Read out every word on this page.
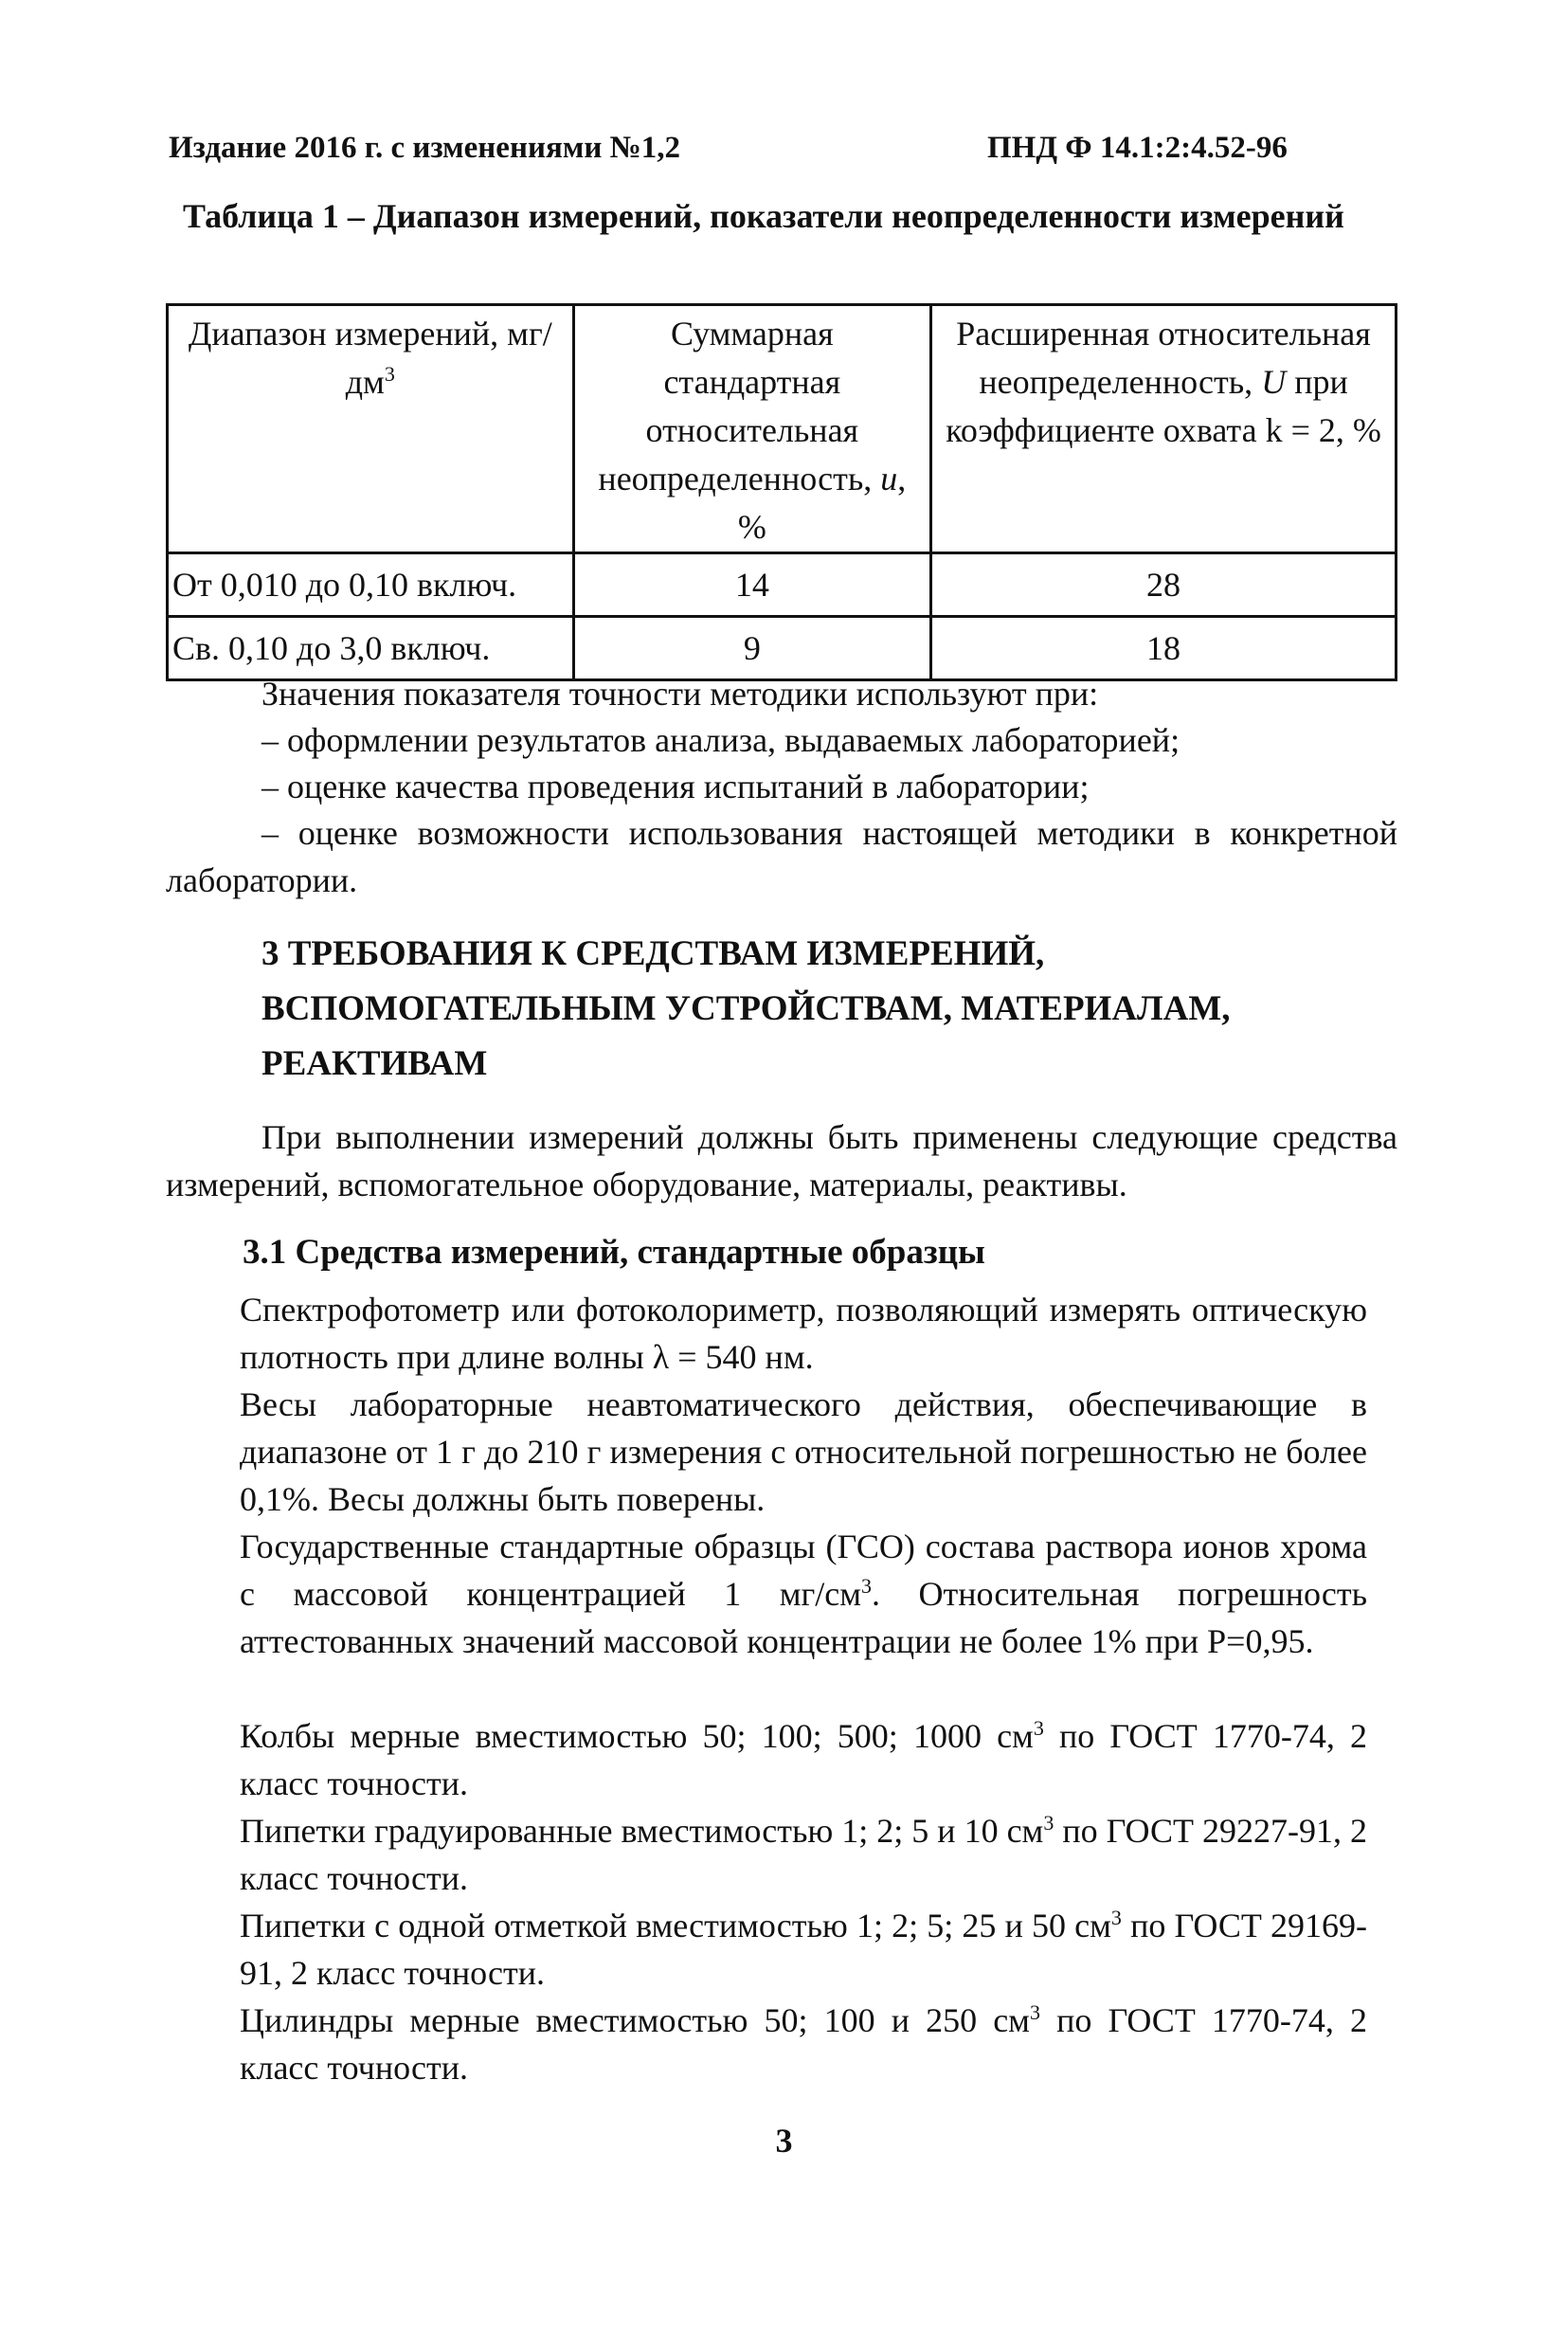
Издание 2016 г. с изменениями №1,2	ПНД Ф 14.1:2:4.52-96

Таблица 1 – Диапазон измерений, показатели неопределенности измерений

Диапазон измерений, $мг/дм^3$	Суммарная стандартная относительная неопределенность, u, %	Расширенная относительная неопределенность, U при коэффициенте охвата k = 2, %
От 0,010 до 0,10 включ.	14	28
Св. 0,10 до 3,0 включ.	9	18

Значения показателя точности методики используют при:

– оформлении результатов анализа, выдаваемых лабораторией;

– оценке качества проведения испытаний в лаборатории;

– оценке возможности использования настоящей методики в конкретной лаборатории.

3 ТРЕБОВАНИЯ К СРЕДСТВАМ ИЗМЕРЕНИЙ, ВСПОМОГАТЕЛЬНЫМ УСТРОЙСТВАМ, МАТЕРИАЛАМ, РЕАКТИВАМ

При выполнении измерений должны быть применены следующие средства измерений, вспомогательное оборудование, материалы, реактивы.

3.1 Средства измерений, стандартные образцы

Спектрофотометр или фотоколориметр, позволяющий измерять оптическую плотность при длине волны λ = 540 нм.

Весы лабораторные неавтоматического действия, обеспечивающие в диапазоне от 1 г до 210 г измерения с относительной погрешностью не более 0,1%. Весы должны быть поверены.

Государственные стандартные образцы (ГСО) состава раствора ионов хрома с массовой концентрацией 1 $мг/см^3$. Относительная погрешность аттестованных значений массовой концентрации не более 1% при Р=0,95.

Колбы мерные вместимостью 50; 100; 500; 1000 $см^3$ по ГОСТ 1770-74, 2 класс точности.

Пипетки градуированные вместимостью 1; 2; 5 и 10 $см^3$ по ГОСТ 29227-91, 2 класс точности.

Пипетки с одной отметкой вместимостью 1; 2; 5; 25 и 50 $см^3$ по ГОСТ 29169-91, 2 класс точности.

Цилиндры мерные вместимостью 50; 100 и 250 $см^3$ по ГОСТ 1770-74, 2 класс точности.

3
